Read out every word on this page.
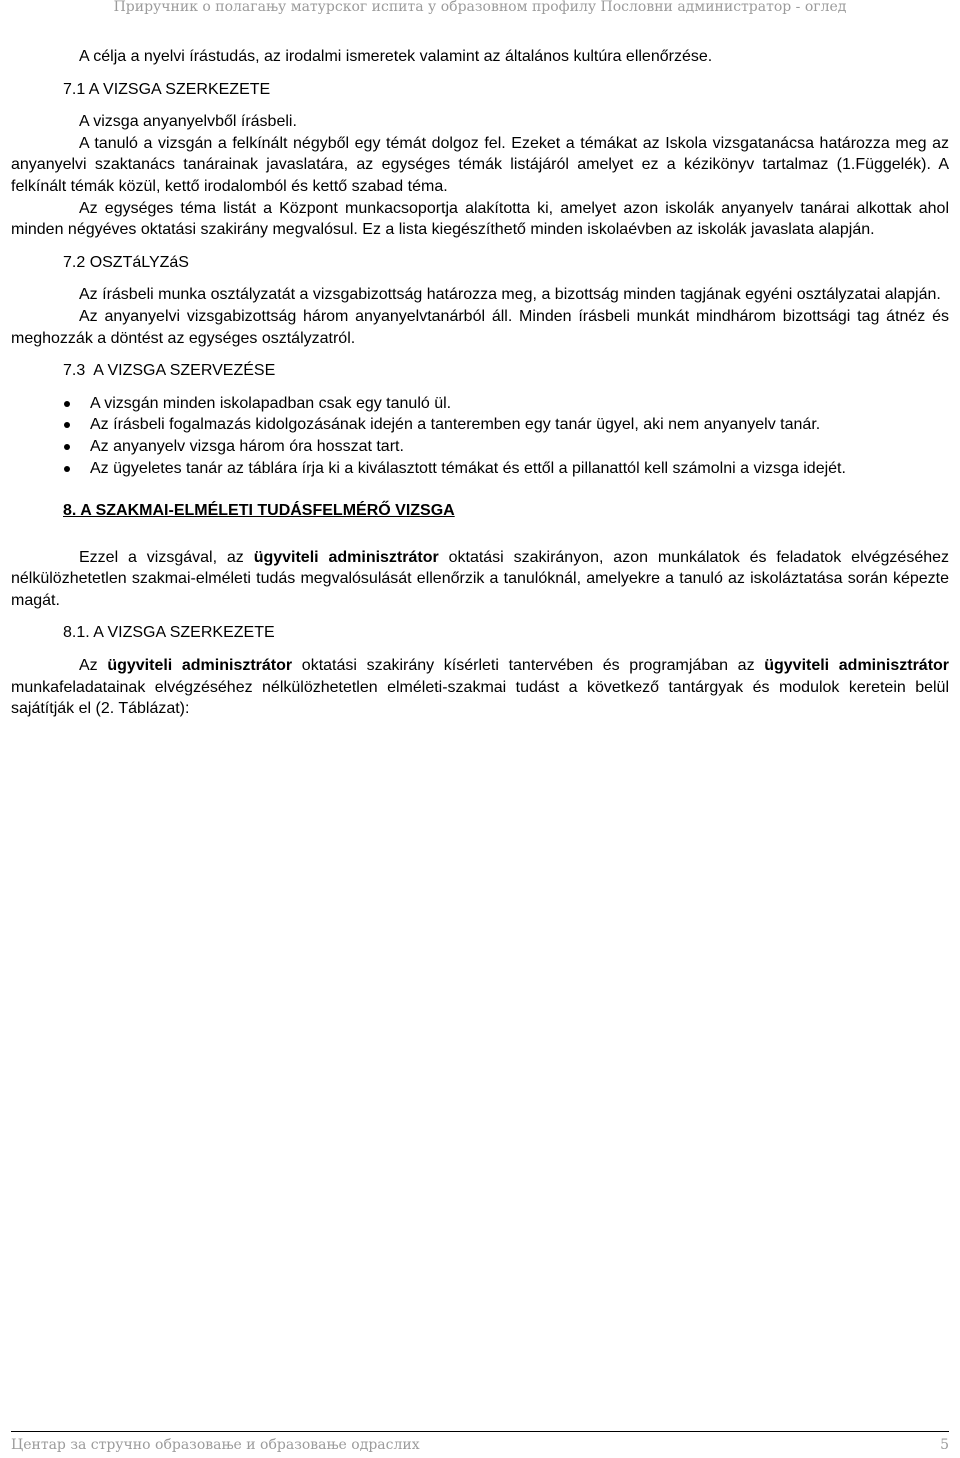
Приручник о полагању матурског испита у образовном профилу Пословни администратор - оглед

A célja a nyelvi írástudás, az irodalmi ismeretek valamint az általános kultúra ellenőrzése.

7.1 A VIZSGA SZERKEZETE

A vizsga anyanyelvből írásbeli.

A tanuló a vizsgán a felkínált négyből egy témát dolgoz fel. Ezeket a témákat az Iskola vizsgatanácsa határozza meg az anyanyelvi szaktanács tanárainak javaslatára, az egységes témák listájáról amelyet ez a kézikönyv tartalmaz (1.Függelék). A felkínált témák közül, kettő irodalomból és kettő szabad téma.

Az egységes téma listát a Központ munkacsoportja alakította ki, amelyet azon iskolák anyanyelv tanárai alkottak ahol minden négyéves oktatási szakirány megvalósul. Ez a lista kiegészíthető minden iskolaévben az iskolák javaslata alapján.

7.2 OSZTáLYZáS

Az írásbeli munka osztályzatát a vizsgabizottság határozza meg, a bizottság minden tagjának egyéni osztályzatai alapján.

Az anyanyelvi vizsgabizottság három anyanyelvtanárból áll. Minden írásbeli munkát mindhárom bizottsági tag átnéz és meghozzák a döntést az egységes osztályzatról.

7.3  A VIZSGA SZERVEZÉSE
A vizsgán minden iskolapadban csak egy tanuló ül.
Az írásbeli fogalmazás kidolgozásának idején a tanteremben egy tanár ügyel, aki nem anyanyelv tanár.
Az anyanyelv vizsga három óra hosszat tart.
Az ügyeletes tanár az táblára írja ki a kiválasztott témákat és ettől a pillanattól kell számolni a vizsga idejét.
8. A SZAKMAI-ELMÉLETI TUDÁSFELMÉRŐ VIZSGA

Ezzel a vizsgával, az ügyviteli adminisztrátor oktatási szakirányon, azon munkálatok és feladatok elvégzéséhez nélkülözhetetlen szakmai-elméleti tudás megvalósulását ellenőrzik a tanulóknál, amelyekre a tanuló az iskoláztatása során képezte magát.

8.1. A VIZSGA SZERKEZETE

Az ügyviteli adminisztrátor oktatási szakirány kísérleti tantervében és programjában az ügyviteli adminisztrátor munkafeladatainak elvégzéséhez nélkülözhetetlen elméleti-szakmai tudást a következő tantárgyak és modulok keretein belül sajátítják el (2. Táblázat):

Центар за стручно образовање и образовање одраслих	5
